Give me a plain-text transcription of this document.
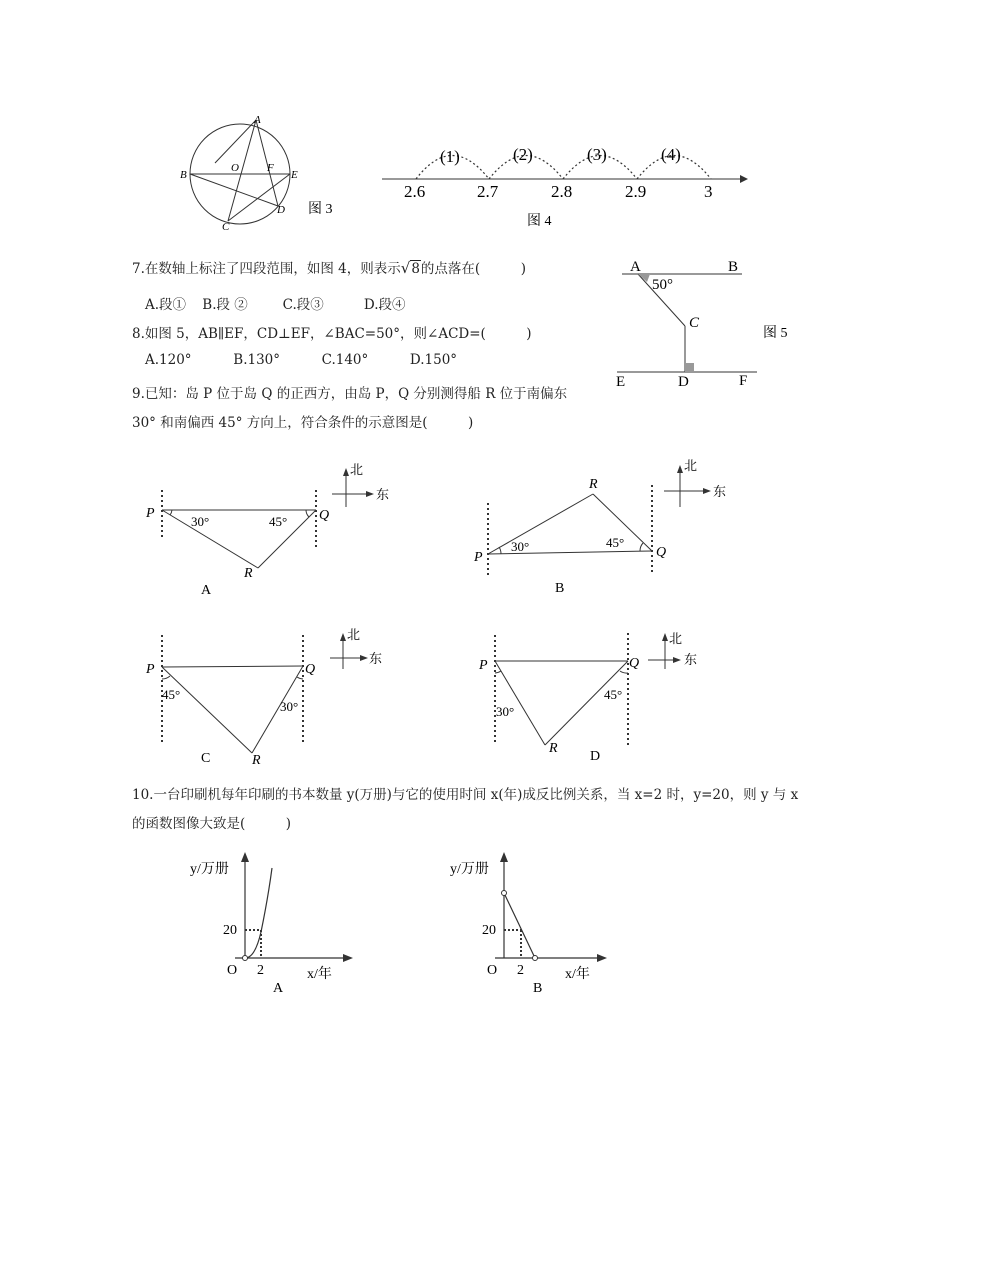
A
B
C
D
E
F
O
图 3
(1)	(2)	(3)	(4)
2.6	2.7	2.8	2.9	3
图 4
A	B
C
D
E	F
50°
图 5
7.在数轴上标注了四段范围，如图 4，则表示√8的点落在(　　　)
A.段① B.段 ②	C.段③	D.段④
8.如图 5，AB∥EF，CD⊥EF，∠BAC=50°，则∠ACD=(　　　)
A.120°	B.130°	C.140°	D.150°
9.已知：岛 P 位于岛 Q 的正西方，由岛 P，Q 分别测得船 R 位于南偏东
30° 和南偏西 45° 方向上，符合条件的示意图是(　　　)
P	Q
R
30°	45°
北
东
A
P	Q
R
30°	45°
北
东
B
P	Q
R
45°
30°
北
东
C
P	Q
R
30°
45°
北
东
D
10.一台印刷机每年印刷的书本数量 y(万册)与它的使用时间 x(年)成反比例关系，当 x=2 时，y=20，则 y 与 x
的函数图像大致是(　　　)
y/万册
x/年
O
20
2
A
y/万册
x/年
O
20
2
B
